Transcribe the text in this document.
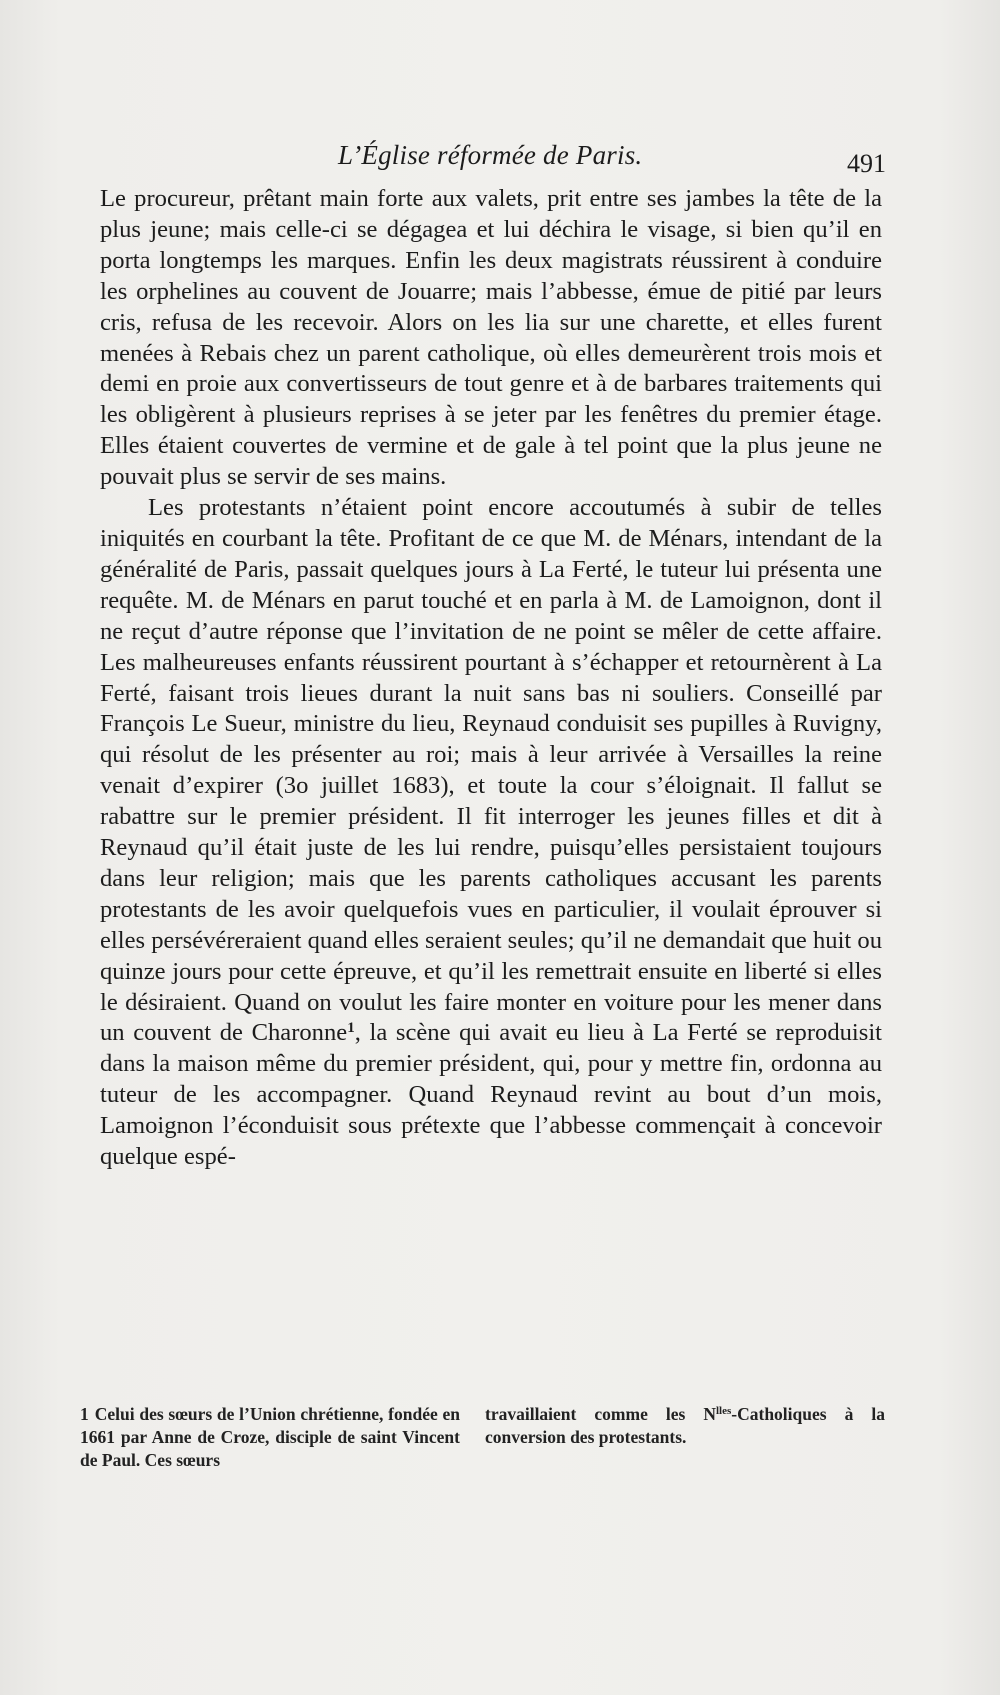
L’Église réformée de Paris.	491

Le procureur, prêtant main forte aux valets, prit entre ses jambes la tête de la plus jeune; mais celle-ci se dégagea et lui déchira le visage, si bien qu’il en porta longtemps les marques. Enfin les deux magistrats réussirent à conduire les orphelines au couvent de Jouarre; mais l’abbesse, émue de pitié par leurs cris, refusa de les recevoir. Alors on les lia sur une charette, et elles furent menées à Rebais chez un parent catholique, où elles demeurèrent trois mois et demi en proie aux convertisseurs de tout genre et à de barbares traitements qui les obligèrent à plusieurs reprises à se jeter par les fenêtres du premier étage. Elles étaient couvertes de vermine et de gale à tel point que la plus jeune ne pouvait plus se servir de ses mains.

Les protestants n’étaient point encore accoutumés à subir de telles iniquités en courbant la tête. Profitant de ce que M. de Ménars, intendant de la généralité de Paris, passait quelques jours à La Ferté, le tuteur lui présenta une requête. M. de Ménars en parut touché et en parla à M. de Lamoignon, dont il ne reçut d’autre réponse que l’invitation de ne point se mêler de cette affaire. Les malheureuses enfants réussirent pourtant à s’échapper et retournèrent à La Ferté, faisant trois lieues durant la nuit sans bas ni souliers. Conseillé par François Le Sueur, ministre du lieu, Reynaud conduisit ses pupilles à Ruvigny, qui résolut de les présenter au roi; mais à leur arrivée à Versailles la reine venait d’expirer (3o juillet 1683), et toute la cour s’éloignait. Il fallut se rabattre sur le premier président. Il fit interroger les jeunes filles et dit à Reynaud qu’il était juste de les lui rendre, puisqu’elles persistaient toujours dans leur religion; mais que les parents catholiques accusant les parents protestants de les avoir quelquefois vues en particulier, il voulait éprouver si elles persévéreraient quand elles seraient seules; qu’il ne demandait que huit ou quinze jours pour cette épreuve, et qu’il les remettrait ensuite en liberté si elles le désiraient. Quand on voulut les faire monter en voiture pour les mener dans un couvent de Charonne$^1$, la scène qui avait eu lieu à La Ferté se reproduisit dans la maison même du premier président, qui, pour y mettre fin, ordonna au tuteur de les accompagner. Quand Reynaud revint au bout d’un mois, Lamoignon l’éconduisit sous prétexte que l’abbesse commençait à concevoir quelque espé-

1 Celui des sœurs de l’Union chrétienne, fondée en 1661 par Anne de Croze, disciple de saint Vincent de Paul. Ces sœurs
travaillaient comme les $N^{lles}$-Catholiques à la conversion des protestants.
